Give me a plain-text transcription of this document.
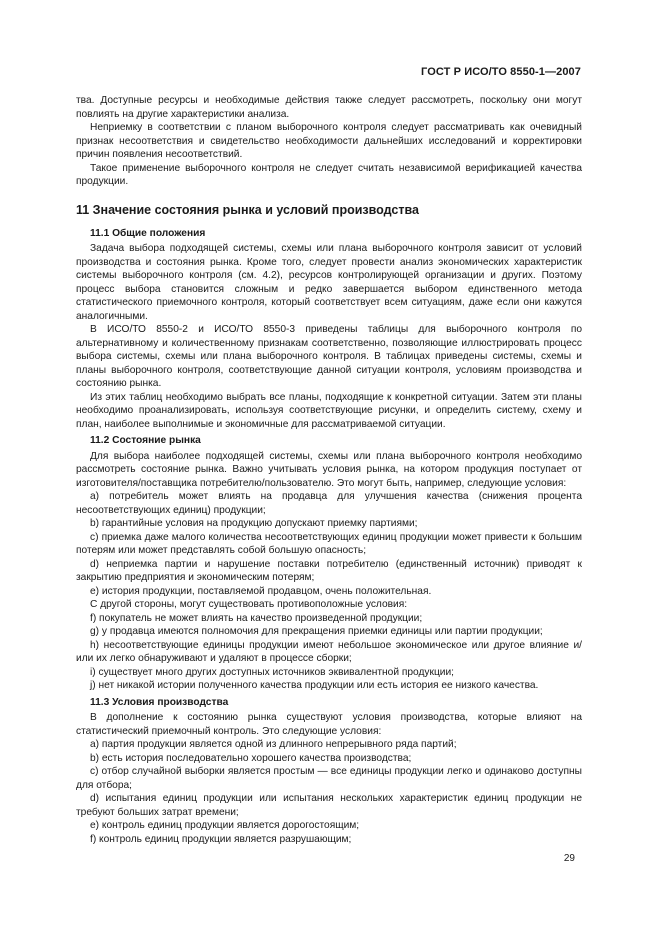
ГОСТ Р ИСО/ТО 8550-1—2007

тва. Доступные ресурсы и необходимые действия также следует рассмотреть, поскольку они могут повлиять на другие характеристики анализа.

Неприемку в соответствии с планом выборочного контроля следует рассматривать как очевидный признак несоответствия и свидетельство необходимости дальнейших исследований и корректировки причин появления несоответствий.

Такое применение выборочного контроля не следует считать независимой верификацией качества продукции.

11 Значение состояния рынка и условий производства

11.1 Общие положения

Задача выбора подходящей системы, схемы или плана выборочного контроля зависит от условий производства и состояния рынка. Кроме того, следует провести анализ экономических характеристик системы выборочного контроля (см. 4.2), ресурсов контролирующей организации и других. Поэтому процесс выбора становится сложным и редко завершается выбором единственного метода статистического приемочного контроля, который соответствует всем ситуациям, даже если они кажутся аналогичными.

В ИСО/ТО 8550-2 и ИСО/ТО 8550-3 приведены таблицы для выборочного контроля по альтернативному и количественному признакам соответственно, позволяющие иллюстрировать процесс выбора системы, схемы или плана выборочного контроля. В таблицах приведены системы, схемы и планы выборочного контроля, соответствующие данной ситуации контроля, условиям производства и состоянию рынка.

Из этих таблиц необходимо выбрать все планы, подходящие к конкретной ситуации. Затем эти планы необходимо проанализировать, используя соответствующие рисунки, и определить систему, схему и план, наиболее выполнимые и экономичные для рассматриваемой ситуации.

11.2 Состояние рынка

Для выбора наиболее подходящей системы, схемы или плана выборочного контроля необходимо рассмотреть состояние рынка. Важно учитывать условия рынка, на котором продукция поступает от изготовителя/поставщика потребителю/пользователю. Это могут быть, например, следующие условия:

a) потребитель может влиять на продавца для улучшения качества (снижения процента несоответствующих единиц) продукции;

b) гарантийные условия на продукцию допускают приемку партиями;

c) приемка даже малого количества несоответствующих единиц продукции может привести к большим потерям или может представлять собой большую опасность;

d) неприемка партии и нарушение поставки потребителю (единственный источник) приводят к закрытию предприятия и экономическим потерям;

e) история продукции, поставляемой продавцом, очень положительная.

С другой стороны, могут существовать противоположные условия:

f) покупатель не может влиять на качество произведенной продукции;

g) у продавца имеются полномочия для прекращения приемки единицы или партии продукции;

h) несоответствующие единицы продукции имеют небольшое экономическое или другое влияние и/или их легко обнаруживают и удаляют в процессе сборки;

i) существует много других доступных источников эквивалентной продукции;

j) нет никакой истории полученного качества продукции или есть история ее низкого качества.

11.3 Условия производства

В дополнение к состоянию рынка существуют условия производства, которые влияют на статистический приемочный контроль. Это следующие условия:

a) партия продукции является одной из длинного непрерывного ряда партий;

b) есть история последовательно хорошего качества производства;

c) отбор случайной выборки является простым — все единицы продукции легко и одинаково доступны для отбора;

d) испытания единиц продукции или испытания нескольких характеристик единиц продукции не требуют больших затрат времени;

e) контроль единиц продукции является дорогостоящим;

f) контроль единиц продукции является разрушающим;

29
